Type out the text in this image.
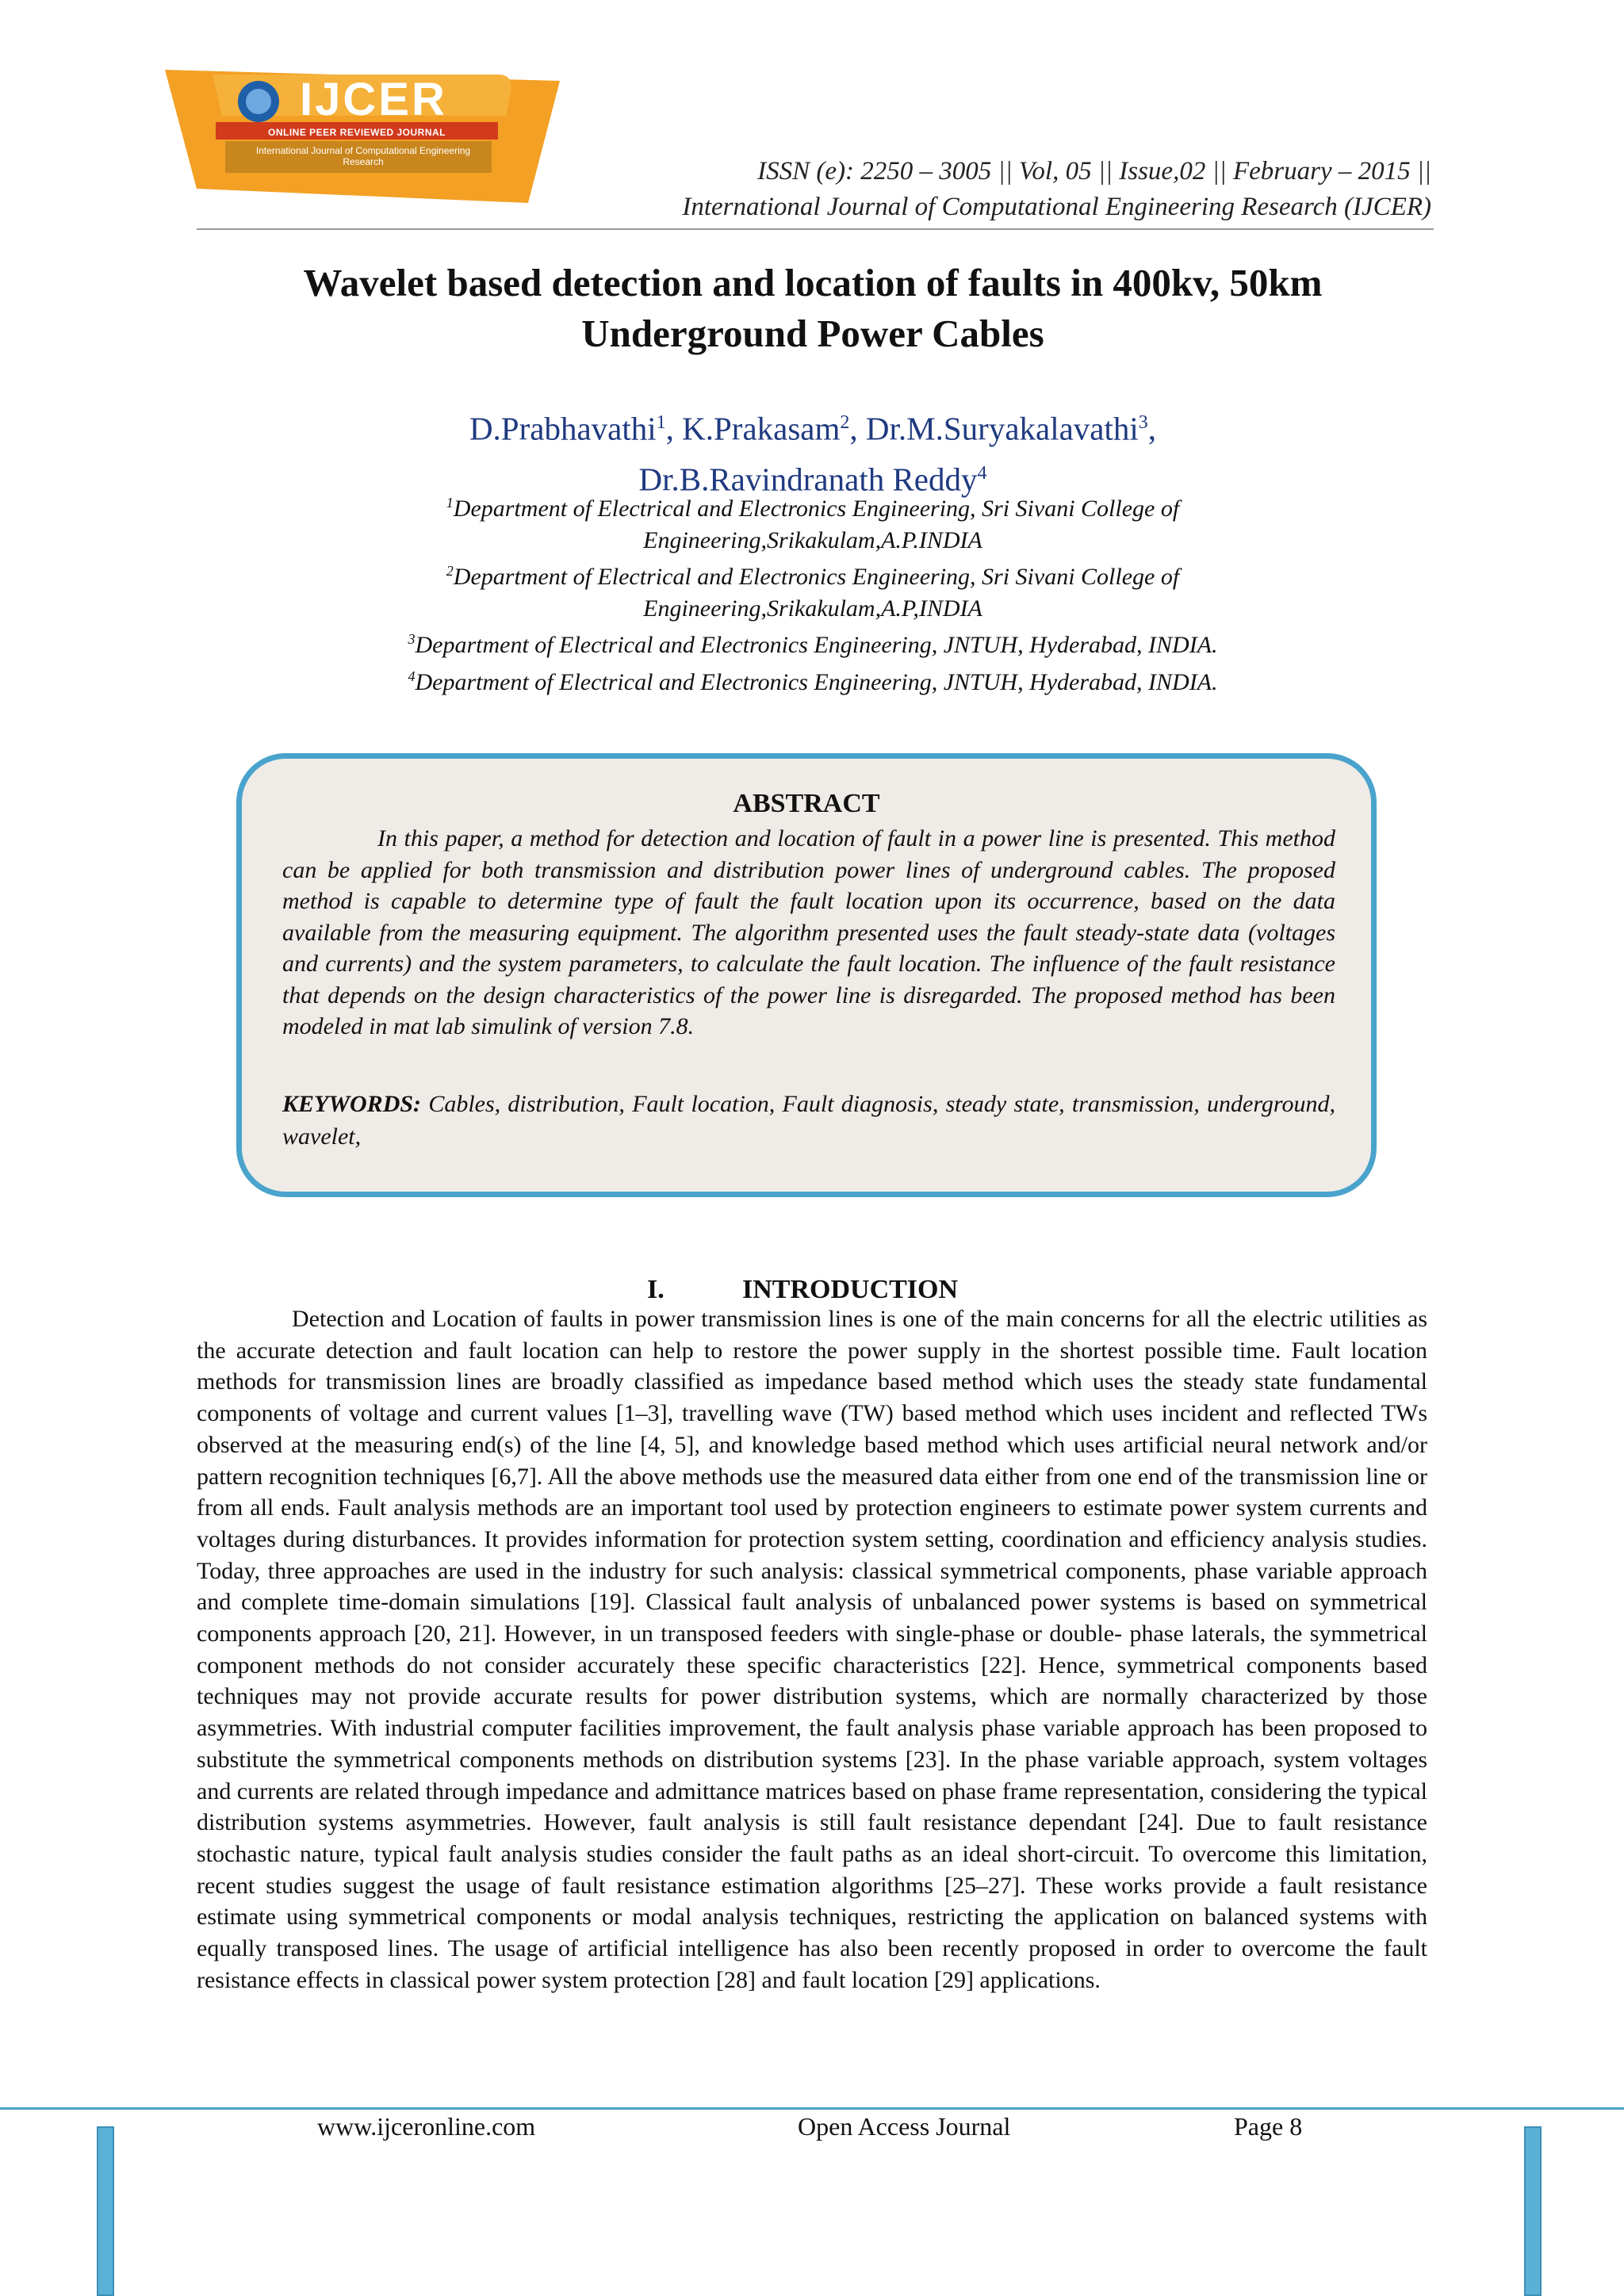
IJCER
ONLINE PEER REVIEWED JOURNAL
International Journal of Computational Engineering Research	ISSN (e): 2250 – 3005 || Vol, 05 || Issue,02 || February – 2015 ||
International Journal of Computational Engineering Research (IJCER)
Wavelet based detection and location of faults in 400kv, 50km
Underground Power Cables
D.Prabhavathi$^1$, K.Prakasam$^2$, Dr.M.Suryakalavathi$^3$,
Dr.B.Ravindranath Reddy$^4$
$^1$Department of Electrical and Electronics Engineering, Sri Sivani College of
Engineering,Srikakulam,A.P.INDIA
$^2$Department of Electrical and Electronics Engineering, Sri Sivani College of
Engineering,Srikakulam,A.P,INDIA
$^3$Department of Electrical and Electronics Engineering, JNTUH, Hyderabad, INDIA.
$^4$Department of Electrical and Electronics Engineering, JNTUH, Hyderabad, INDIA.
ABSTRACT
In this paper, a method for detection and location of fault in a power line is presented. This method can be applied for both transmission and distribution power lines of underground cables. The proposed method is capable to determine type of fault the fault location upon its occurrence, based on the data available from the measuring equipment. The algorithm presented uses the fault steady-state data (voltages and currents) and the system parameters, to calculate the fault location. The influence of the fault resistance that depends on the design characteristics of the power line is disregarded. The proposed method has been modeled in mat lab simulink of version 7.8.
KEYWORDS: Cables, distribution, Fault location, Fault diagnosis, steady state, transmission, underground, wavelet,
I.	INTRODUCTION
Detection and Location of faults in power transmission lines is one of the main concerns for all the electric utilities as the accurate detection and fault location can help to restore the power supply in the shortest possible time. Fault location methods for transmission lines are broadly classified as impedance based method which uses the steady state fundamental components of voltage and current values [1–3], travelling wave (TW) based method which uses incident and reflected TWs observed at the measuring end(s) of the line [4, 5], and knowledge based method which uses artificial neural network and/or pattern recognition techniques [6,7]. All the above methods use the measured data either from one end of the transmission line or from all ends. Fault analysis methods are an important tool used by protection engineers to estimate power system currents and voltages during disturbances. It provides information for protection system setting, coordination and efficiency analysis studies. Today, three approaches are used in the industry for such analysis: classical symmetrical components, phase variable approach and complete time-domain simulations [19]. Classical fault analysis of unbalanced power systems is based on symmetrical components approach [20, 21]. However, in un transposed feeders with single-phase or double- phase laterals, the symmetrical component methods do not consider accurately these specific characteristics [22]. Hence, symmetrical components based techniques may not provide accurate results for power distribution systems, which are normally characterized by those asymmetries. With industrial computer facilities improvement, the fault analysis phase variable approach has been proposed to substitute the symmetrical components methods on distribution systems [23]. In the phase variable approach, system voltages and currents are related through impedance and admittance matrices based on phase frame representation, considering the typical distribution systems asymmetries. However, fault analysis is still fault resistance dependant [24]. Due to fault resistance stochastic nature, typical fault analysis studies consider the fault paths as an ideal short-circuit. To overcome this limitation, recent studies suggest the usage of fault resistance estimation algorithms [25–27]. These works provide a fault resistance estimate using symmetrical components or modal analysis techniques, restricting the application on balanced systems with equally transposed lines. The usage of artificial intelligence has also been recently proposed in order to overcome the fault resistance effects in classical power system protection [28] and fault location [29] applications.
www.ijceronline.com	Open Access Journal	Page 8
